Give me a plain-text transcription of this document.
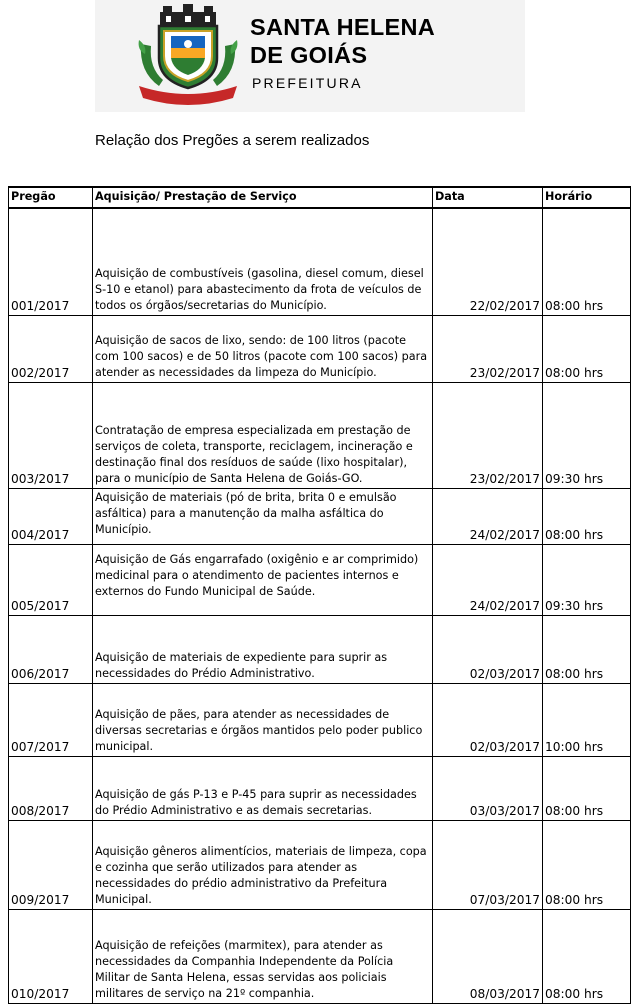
SANTA HELENA
DE GOIÁS
PREFEITURA
Relação dos Pregões a serem realizados
Pregão	Aquisição/ Prestação de Serviço	Data	Horário
001/2017	Aquisição de combustíveis (gasolina, diesel comum, diesel S-10 e etanol) para abastecimento da frota de veículos de todos os órgãos/secretarias do Município.	22/02/2017	08:00 hrs
002/2017	Aquisição de sacos de lixo, sendo: de 100 litros (pacote com 100 sacos) e de 50 litros (pacote com 100 sacos) para atender as necessidades da limpeza do Município.	23/02/2017	08:00 hrs
003/2017	Contratação de empresa especializada em prestação de serviços de coleta, transporte, reciclagem, incineração e destinação final dos resíduos de saúde (lixo hospitalar), para o município de Santa Helena de Goiás-GO.	23/02/2017	09:30 hrs
004/2017	Aquisição de materiais (pó de brita, brita 0 e emulsão asfáltica) para a manutenção da malha asfáltica do Município.	24/02/2017	08:00 hrs
005/2017	Aquisição de Gás engarrafado (oxigênio e ar comprimido) medicinal para o atendimento de pacientes internos e externos do Fundo Municipal de Saúde.	24/02/2017	09:30 hrs
006/2017	Aquisição de materiais de expediente para suprir as necessidades do Prédio Administrativo.	02/03/2017	08:00 hrs
007/2017	Aquisição de pães, para atender as necessidades de diversas secretarias e órgãos mantidos pelo poder publico municipal.	02/03/2017	10:00 hrs
008/2017	Aquisição de gás P-13 e P-45 para suprir as necessidades do Prédio Administrativo e as demais secretarias.	03/03/2017	08:00 hrs
009/2017	Aquisição gêneros alimentícios, materiais de limpeza, copa e cozinha que serão utilizados para atender as necessidades do prédio administrativo da Prefeitura Municipal.	07/03/2017	08:00 hrs
010/2017	Aquisição de refeições (marmitex), para atender as necessidades da Companhia Independente da Polícia Militar de Santa Helena, essas servidas aos policiais militares de serviço na 21º companhia.	08/03/2017	08:00 hrs
